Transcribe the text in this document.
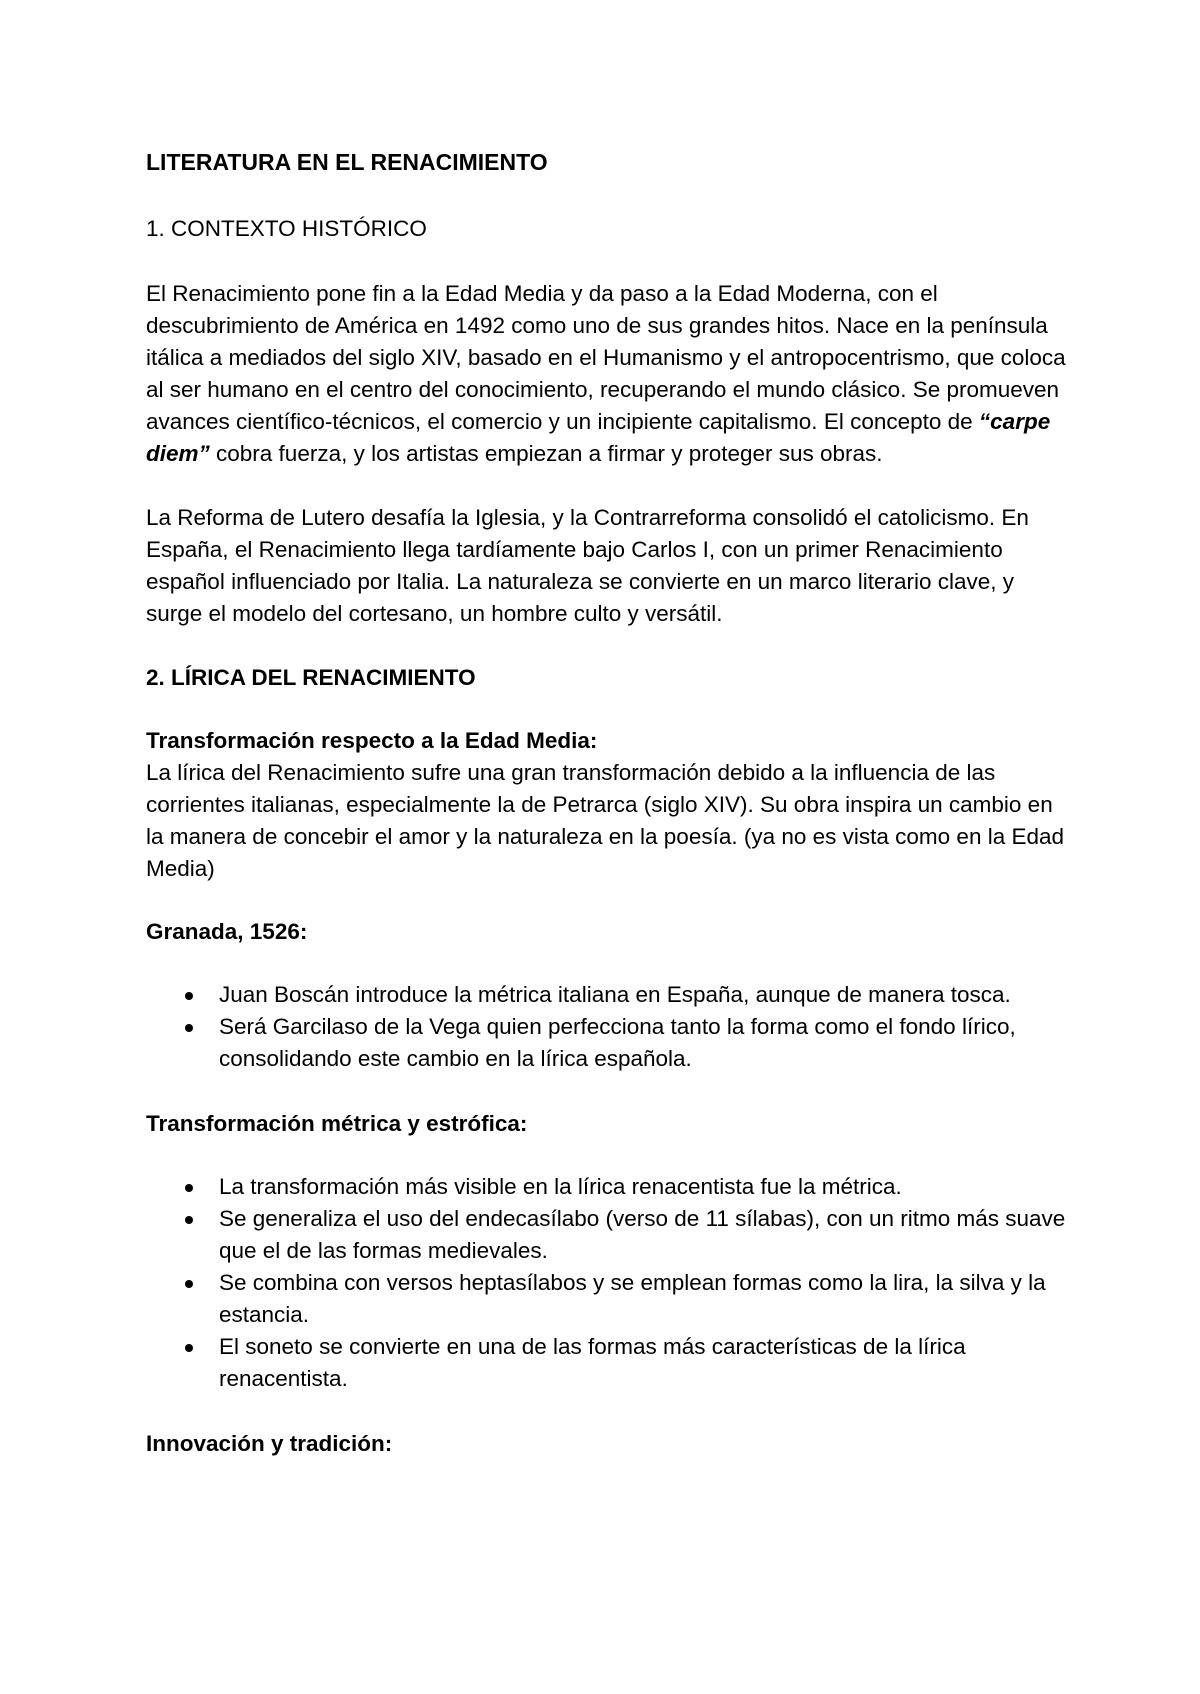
LITERATURA EN EL RENACIMIENTO
1. CONTEXTO HISTÓRICO

El Renacimiento pone fin a la Edad Media y da paso a la Edad Moderna, con el descubrimiento de América en 1492 como uno de sus grandes hitos. Nace en la península itálica a mediados del siglo XIV, basado en el Humanismo y el antropocentrismo, que coloca al ser humano en el centro del conocimiento, recuperando el mundo clásico. Se promueven avances científico-técnicos, el comercio y un incipiente capitalismo. El concepto de “carpe diem” cobra fuerza, y los artistas empiezan a firmar y proteger sus obras.

La Reforma de Lutero desafía la Iglesia, y la Contrarreforma consolidó el catolicismo. En España, el Renacimiento llega tardíamente bajo Carlos I, con un primer Renacimiento español influenciado por Italia. La naturaleza se convierte en un marco literario clave, y surge el modelo del cortesano, un hombre culto y versátil.

2. LÍRICA DEL RENACIMIENTO

Transformación respecto a la Edad Media:

La lírica del Renacimiento sufre una gran transformación debido a la influencia de las corrientes italianas, especialmente la de Petrarca (siglo XIV). Su obra inspira un cambio en la manera de concebir el amor y la naturaleza en la poesía. (ya no es vista como en la Edad Media)

Granada, 1526:

Juan Boscán introduce la métrica italiana en España, aunque de manera tosca.
Será Garcilaso de la Vega quien perfecciona tanto la forma como el fondo lírico, consolidando este cambio en la lírica española.

Transformación métrica y estrófica:

La transformación más visible en la lírica renacentista fue la métrica.
Se generaliza el uso del endecasílabo (verso de 11 sílabas), con un ritmo más suave que el de las formas medievales.
Se combina con versos heptasílabos y se emplean formas como la lira, la silva y la estancia.
El soneto se convierte en una de las formas más características de la lírica renacentista.

Innovación y tradición:
